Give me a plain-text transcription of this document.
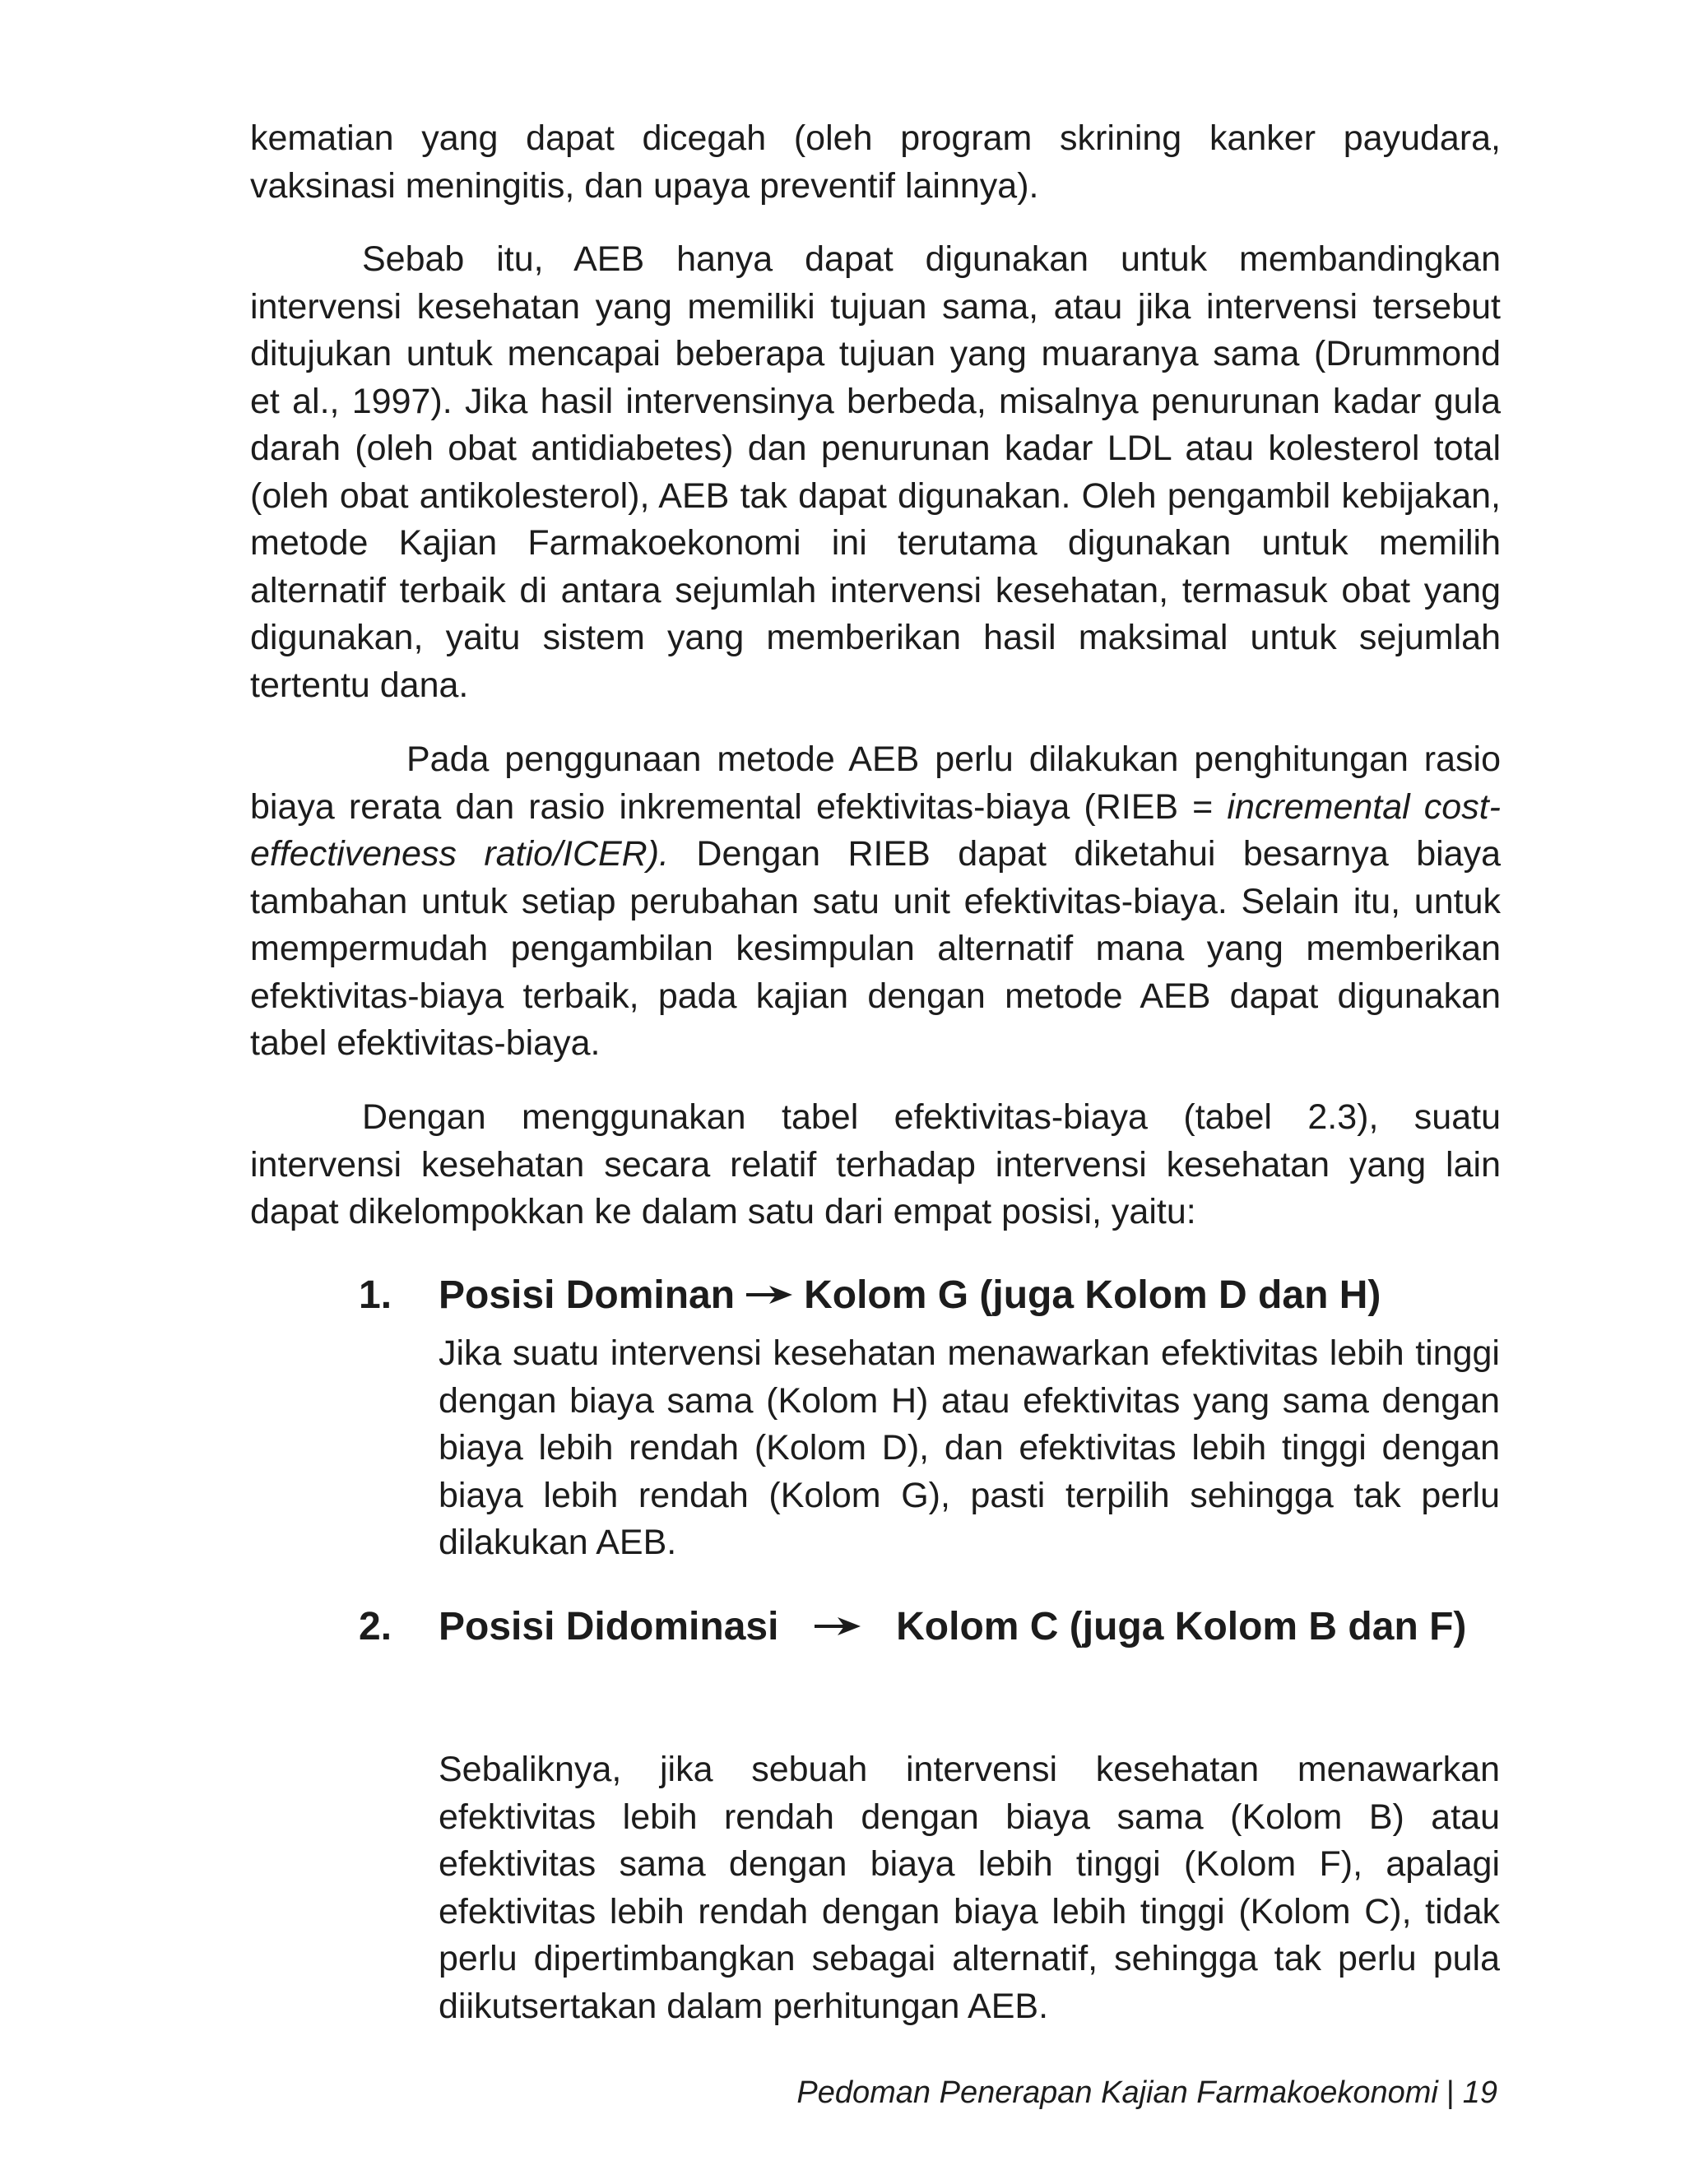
kematian yang dapat dicegah (oleh program skrining kanker payudara, vaksinasi meningitis, dan upaya preventif lainnya).

Sebab itu, AEB hanya dapat digunakan untuk membandingkan intervensi kesehatan yang memiliki tujuan sama, atau jika intervensi tersebut ditujukan untuk mencapai beberapa tujuan yang muaranya sama (Drummond et al., 1997). Jika hasil intervensinya berbeda, misalnya penurunan kadar gula darah (oleh obat antidiabetes) dan penurunan kadar LDL atau kolesterol total (oleh obat antikolesterol), AEB tak dapat digunakan. Oleh pengambil kebijakan, metode Kajian Farmakoekonomi ini terutama digunakan untuk memilih alternatif terbaik di antara sejumlah intervensi kesehatan, termasuk obat yang digunakan, yaitu sistem yang memberikan hasil maksimal untuk sejumlah tertentu dana.

Pada penggunaan metode AEB perlu dilakukan penghitungan rasio biaya rerata dan rasio inkremental efektivitas-biaya (RIEB = incremental cost-effectiveness ratio/ICER). Dengan RIEB dapat diketahui besarnya biaya tambahan untuk setiap perubahan satu unit efektivitas-biaya. Selain itu, untuk mempermudah pengambilan kesimpulan alternatif mana yang memberikan efektivitas-biaya terbaik, pada kajian dengan metode AEB dapat digunakan tabel efektivitas-biaya.

Dengan menggunakan tabel efektivitas-biaya (tabel 2.3), suatu intervensi kesehatan secara relatif terhadap intervensi kesehatan yang lain dapat dikelompokkan ke dalam satu dari empat posisi, yaitu:

1. Posisi Dominan Kolom G (juga Kolom D dan H)

Jika suatu intervensi kesehatan menawarkan efektivitas lebih tinggi dengan biaya sama (Kolom H) atau efektivitas yang sama dengan biaya lebih rendah (Kolom D), dan efektivitas lebih tinggi dengan biaya lebih rendah (Kolom G), pasti terpilih sehingga tak perlu dilakukan AEB.

2. Posisi Didominasi	Kolom C (juga Kolom B dan F)

Sebaliknya, jika sebuah intervensi kesehatan menawarkan efektivitas lebih rendah dengan biaya sama (Kolom B) atau efektivitas sama dengan biaya lebih tinggi (Kolom F), apalagi efektivitas lebih rendah dengan biaya lebih tinggi (Kolom C), tidak perlu dipertimbangkan sebagai alternatif, sehingga tak perlu pula diikutsertakan dalam perhitungan AEB.

Pedoman Penerapan Kajian Farmakoekonomi | 19
